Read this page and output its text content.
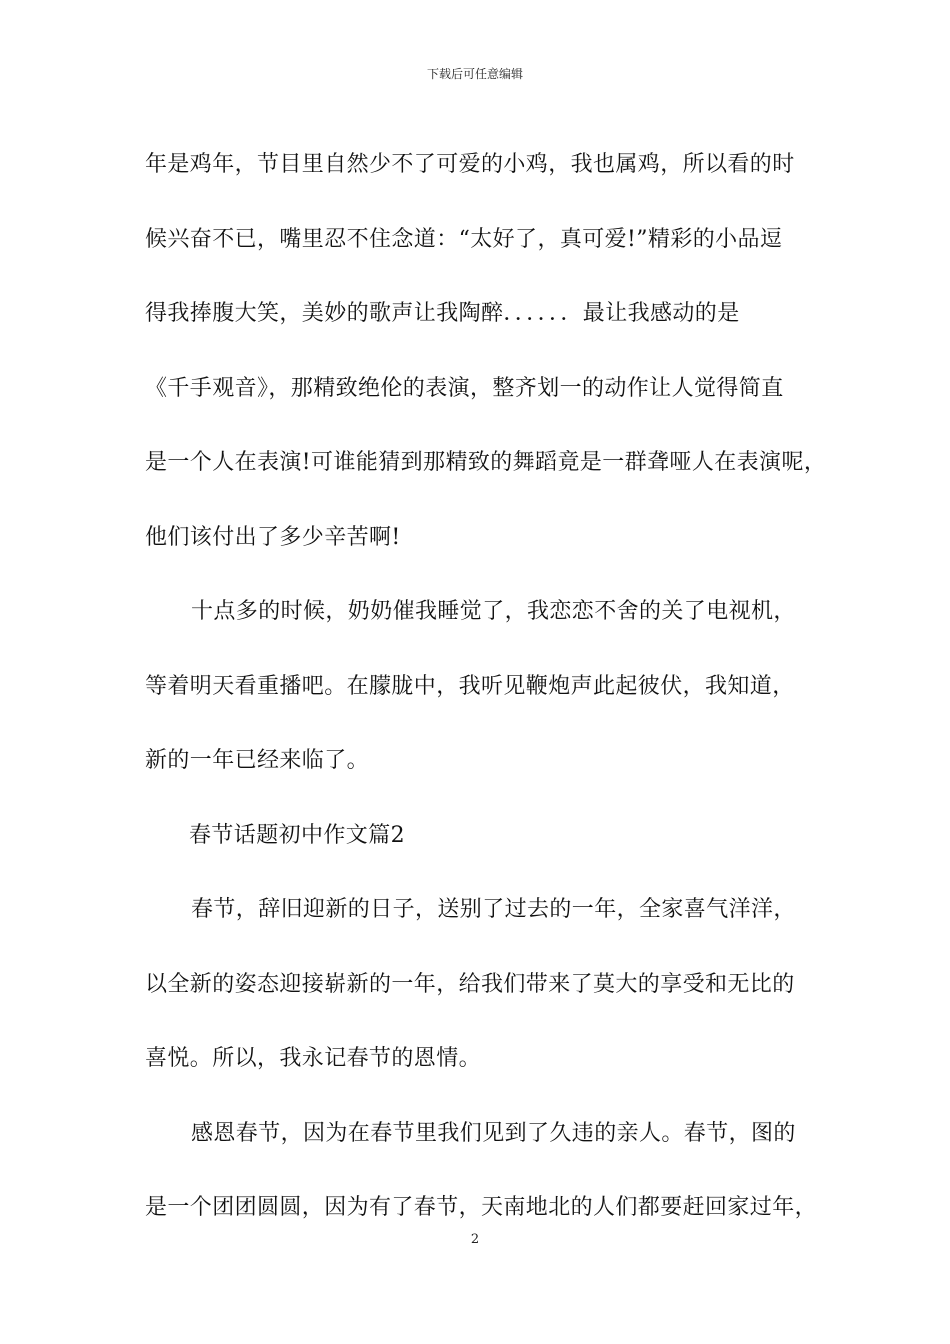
下载后可任意编辑
年是鸡年，节目里自然少不了可爱的小鸡，我也属鸡，所以看的时
候兴奋不已，嘴里忍不住念道：“太好了，真可爱!”精彩的小品逗
得我捧腹大笑，美妙的歌声让我陶醉．．．．．．最让我感动的是
《千手观音》，那精致绝伦的表演，整齐划一的动作让人觉得简直
是一个人在表演!可谁能猜到那精致的舞蹈竟是一群聋哑人在表演呢，
他们该付出了多少辛苦啊!
十点多的时候，奶奶催我睡觉了，我恋恋不舍的关了电视机，
等着明天看重播吧。在朦胧中，我听见鞭炮声此起彼伏，我知道，
新的一年已经来临了。
春节话题初中作文篇2
春节，辞旧迎新的日子，送别了过去的一年，全家喜气洋洋，
以全新的姿态迎接崭新的一年，给我们带来了莫大的享受和无比的
喜悦。所以，我永记春节的恩情。
感恩春节，因为在春节里我们见到了久违的亲人。春节，图的
是一个团团圆圆，因为有了春节，天南地北的人们都要赶回家过年，
2
